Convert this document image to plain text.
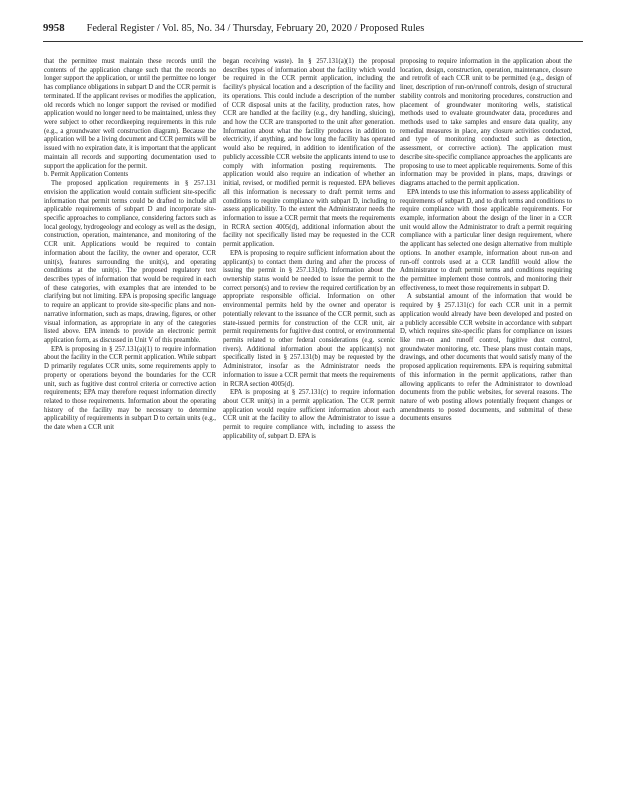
9958 Federal Register / Vol. 85, No. 34 / Thursday, February 20, 2020 / Proposed Rules

that the permittee must maintain these records until the contents of the application change such that the records no longer support the application, or until the permittee no longer has compliance obligations in subpart D and the CCR permit is terminated. If the applicant revises or modifies the application, old records which no longer support the revised or modified application would no longer need to be maintained, unless they were subject to other recordkeeping requirements in this rule (e.g., a groundwater well construction diagram). Because the application will be a living document and CCR permits will be issued with no expiration date, it is important that the applicant maintain all records and supporting documentation used to support the application for the permit.

b. Permit Application Contents

The proposed application requirements in § 257.131 envision the application would contain sufficient site-specific information that permit terms could be drafted to include all applicable requirements of subpart D and incorporate site-specific approaches to compliance, considering factors such as local geology, hydrogeology and ecology as well as the design, construction, operation, maintenance, and monitoring of the CCR unit. Applications would be required to contain information about the facility, the owner and operator, CCR unit(s), features surrounding the unit(s), and operating conditions at the unit(s). The proposed regulatory text describes types of information that would be required in each of these categories, with examples that are intended to be clarifying but not limiting. EPA is proposing specific language to require an applicant to provide site-specific plans and non-narrative information, such as maps, drawing, figures, or other visual information, as appropriate in any of the categories listed above. EPA intends to provide an electronic permit application form, as discussed in Unit V of this preamble.

EPA is proposing in § 257.131(a)(1) to require information about the facility in the CCR permit application. While subpart D primarily regulates CCR units, some requirements apply to property or operations beyond the boundaries for the CCR unit, such as fugitive dust control criteria or corrective action requirements; EPA may therefore request information directly related to those requirements. Information about the operating history of the facility may be necessary to determine applicability of requirements in subpart D to certain units (e.g., the date when a CCR unit

began receiving waste). In § 257.131(a)(1) the proposal describes types of information about the facility which would be required in the CCR permit application, including the facility's physical location and a description of the facility and its operations. This could include a description of the number of CCR disposal units at the facility, production rates, how CCR are handled at the facility (e.g., dry handling, sluicing), and how the CCR are transported to the unit after generation. Information about what the facility produces in addition to electricity, if anything, and how long the facility has operated would also be required, in addition to identification of the publicly accessible CCR website the applicants intend to use to comply with information posting requirements. The application would also require an indication of whether an initial, revised, or modified permit is requested. EPA believes all this information is necessary to draft permit terms and conditions to require compliance with subpart D, including to assess applicability. To the extent the Administrator needs the information to issue a CCR permit that meets the requirements in RCRA section 4005(d), additional information about the facility not specifically listed may be requested in the CCR permit application.

EPA is proposing to require sufficient information about the applicant(s) to contact them during and after the process of issuing the permit in § 257.131(b). Information about the ownership status would be needed to issue the permit to the correct person(s) and to review the required certification by an appropriate responsible official. Information on other environmental permits held by the owner and operator is potentially relevant to the issuance of the CCR permit, such as state-issued permits for construction of the CCR unit, air permit requirements for fugitive dust control, or environmental permits related to other federal considerations (e.g. scenic rivers). Additional information about the applicant(s) not specifically listed in § 257.131(b) may be requested by the Administrator, insofar as the Administrator needs the information to issue a CCR permit that meets the requirements in RCRA section 4005(d).

EPA is proposing at § 257.131(c) to require information about CCR unit(s) in a permit application. The CCR permit application would require sufficient information about each CCR unit at the facility to allow the Administrator to issue a permit to require compliance with, including to assess the applicability of, subpart D. EPA is

proposing to require information in the application about the location, design, construction, operation, maintenance, closure and retrofit of each CCR unit to be permitted (e.g., design of liner, description of run-on/runoff controls, design of structural stability controls and monitoring procedures, construction and placement of groundwater monitoring wells, statistical methods used to evaluate groundwater data, procedures and methods used to take samples and ensure data quality, any remedial measures in place, any closure activities conducted, and type of monitoring conducted such as detection, assessment, or corrective action). The application must describe site-specific compliance approaches the applicants are proposing to use to meet applicable requirements. Some of this information may be provided in plans, maps, drawings or diagrams attached to the permit application.

EPA intends to use this information to assess applicability of requirements of subpart D, and to draft terms and conditions to require compliance with those applicable requirements. For example, information about the design of the liner in a CCR unit would allow the Administrator to draft a permit requiring compliance with a particular liner design requirement, where the applicant has selected one design alternative from multiple options. In another example, information about run-on and run-off controls used at a CCR landfill would allow the Administrator to draft permit terms and conditions requiring the permittee implement those controls, and monitoring their effectiveness, to meet those requirements in subpart D.

A substantial amount of the information that would be required by § 257.131(c) for each CCR unit in a permit application would already have been developed and posted on a publicly accessible CCR website in accordance with subpart D, which requires site-specific plans for compliance on issues like run-on and runoff control, fugitive dust control, groundwater monitoring, etc. These plans must contain maps, drawings, and other documents that would satisfy many of the proposed application requirements. EPA is requiring submittal of this information in the permit applications, rather than allowing applicants to refer the Administrator to download documents from the public websites, for several reasons. The nature of web posting allows potentially frequent changes or amendments to posted documents, and submittal of these documents ensures
